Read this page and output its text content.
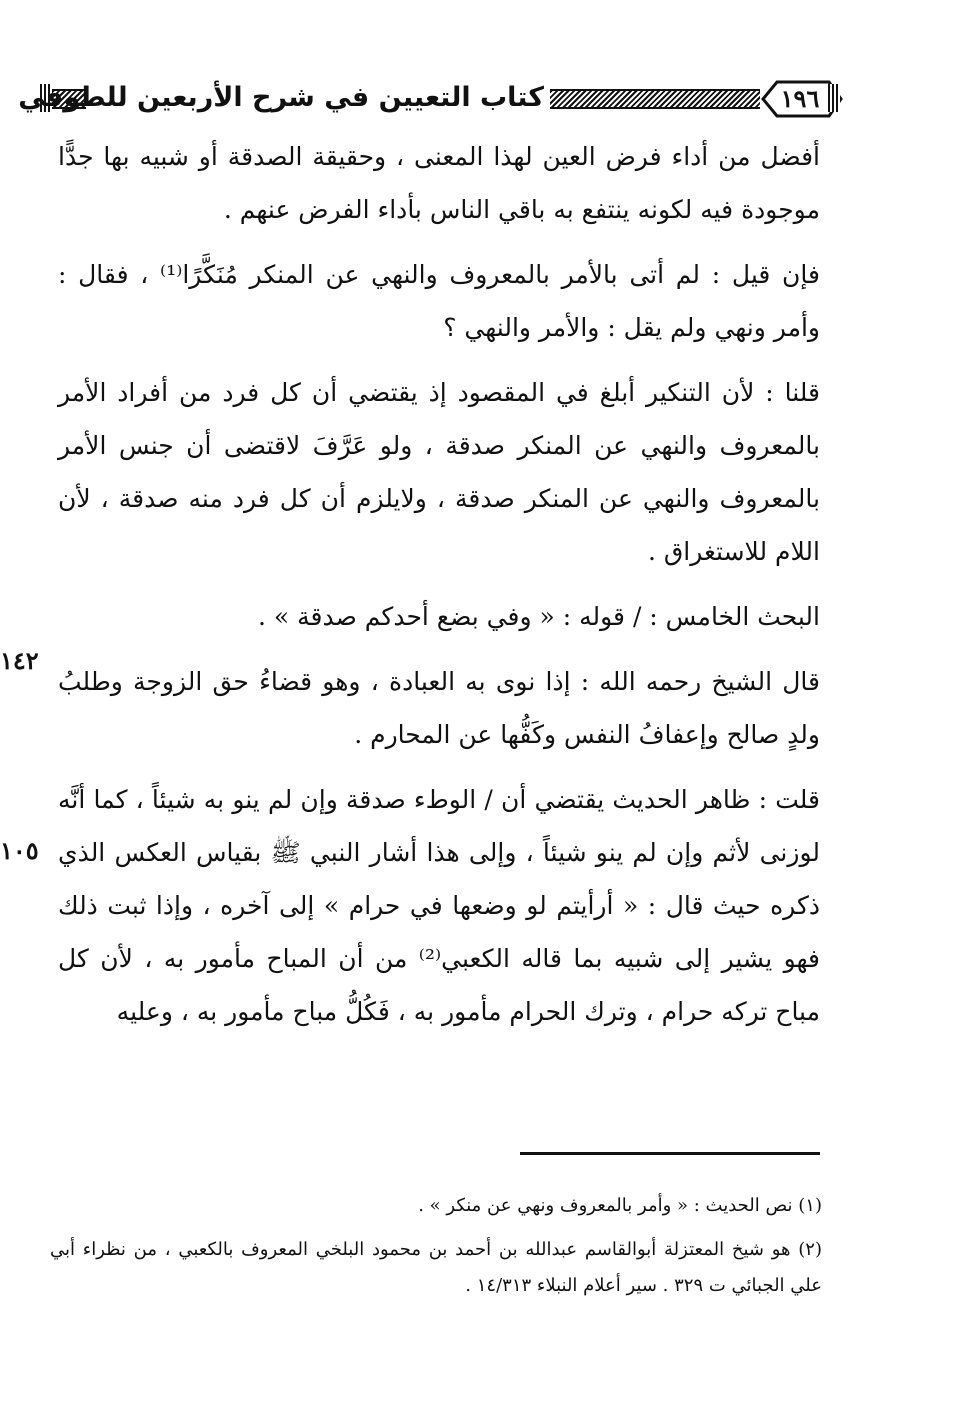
كتاب التعيين في شرح الأربعين للطوفي	١٩٦
١٤٢
١٠٥

أفضل من أداء فرض العين لهذا المعنى ، وحقيقة الصدقة أو شبيه بها جدًّا موجودة فيه لكونه ينتفع به باقي الناس بأداء الفرض عنهم .

فإن قيل : لم أتى بالأمر بالمعروف والنهي عن المنكر مُنَكَّرًا⁽¹⁾ ، فقال : وأمر ونهي ولم يقل : والأمر والنهي ؟

قلنا : لأن التنكير أبلغ في المقصود إذ يقتضي أن كل فرد من أفراد الأمر بالمعروف والنهي عن المنكر صدقة ، ولو عَرَّفَ لاقتضى أن جنس الأمر بالمعروف والنهي عن المنكر صدقة ، ولايلزم أن كل فرد منه صدقة ، لأن اللام للاستغراق .

البحث الخامس : / قوله : « وفي بضع أحدكم صدقة » .

قال الشيخ رحمه الله : إذا نوى به العبادة ، وهو قضاءُ حق الزوجة وطلبُ ولدٍ صالح وإعفافُ النفس وكَفُّها عن المحارم .

قلت : ظاهر الحديث يقتضي أن / الوطء صدقة وإن لم ينو به شيئاً ، كما أنَّه لوزنى لأثم وإن لم ينو شيئاً ، وإلى هذا أشار النبي ﷺ بقياس العكس الذي ذكره حيث قال : « أرأيتم لو وضعها في حرام » إلى آخره ، وإذا ثبت ذلك فهو يشير إلى شبيه بما قاله الكعبي⁽²⁾ من أن المباح مأمور به ، لأن كل مباح تركه حرام ، وترك الحرام مأمور به ، فَكُلُّ مباح مأمور به ، وعليه

(١) نص الحديث : « وأمر بالمعروف ونهي عن منكر » .

(٢) هو شيخ المعتزلة أبوالقاسم عبدالله بن أحمد بن محمود البلخي المعروف بالكعبي ، من نظراء أبي علي الجبائي ت ٣٢٩ . سير أعلام النبلاء ١٤/٣١٣ .
